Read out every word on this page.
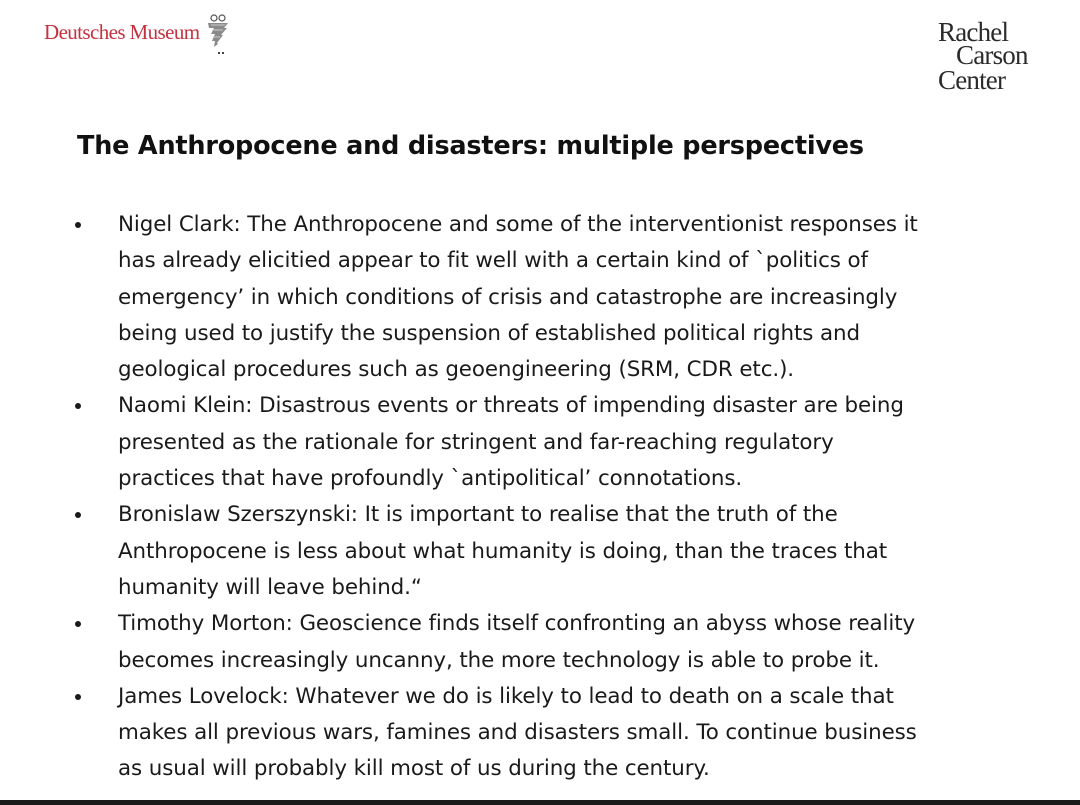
Deutsches Museum	Rachel
Carson
Center
The Anthropocene and disasters: multiple perspectives
Nigel Clark: The Anthropocene and some of the interventionist responses it
has already elicitied appear to fit well with a certain kind of `politics of
emergency’ in which conditions of crisis and catastrophe are increasingly
being used to justify the suspension of established political rights and
geological procedures such as geoengineering (SRM, CDR etc.).
Naomi Klein: Disastrous events or threats of impending disaster are being
presented as the rationale for stringent and far-reaching regulatory
practices that have profoundly `antipolitical’ connotations.
Bronislaw Szerszynski: It is important to realise that the truth of the
Anthropocene is less about what humanity is doing, than the traces that
humanity will leave behind.“
Timothy Morton: Geoscience finds itself confronting an abyss whose reality
becomes increasingly uncanny, the more technology is able to probe it.
James Lovelock: Whatever we do is likely to lead to death on a scale that
makes all previous wars, famines and disasters small. To continue business
as usual will probably kill most of us during the century.
